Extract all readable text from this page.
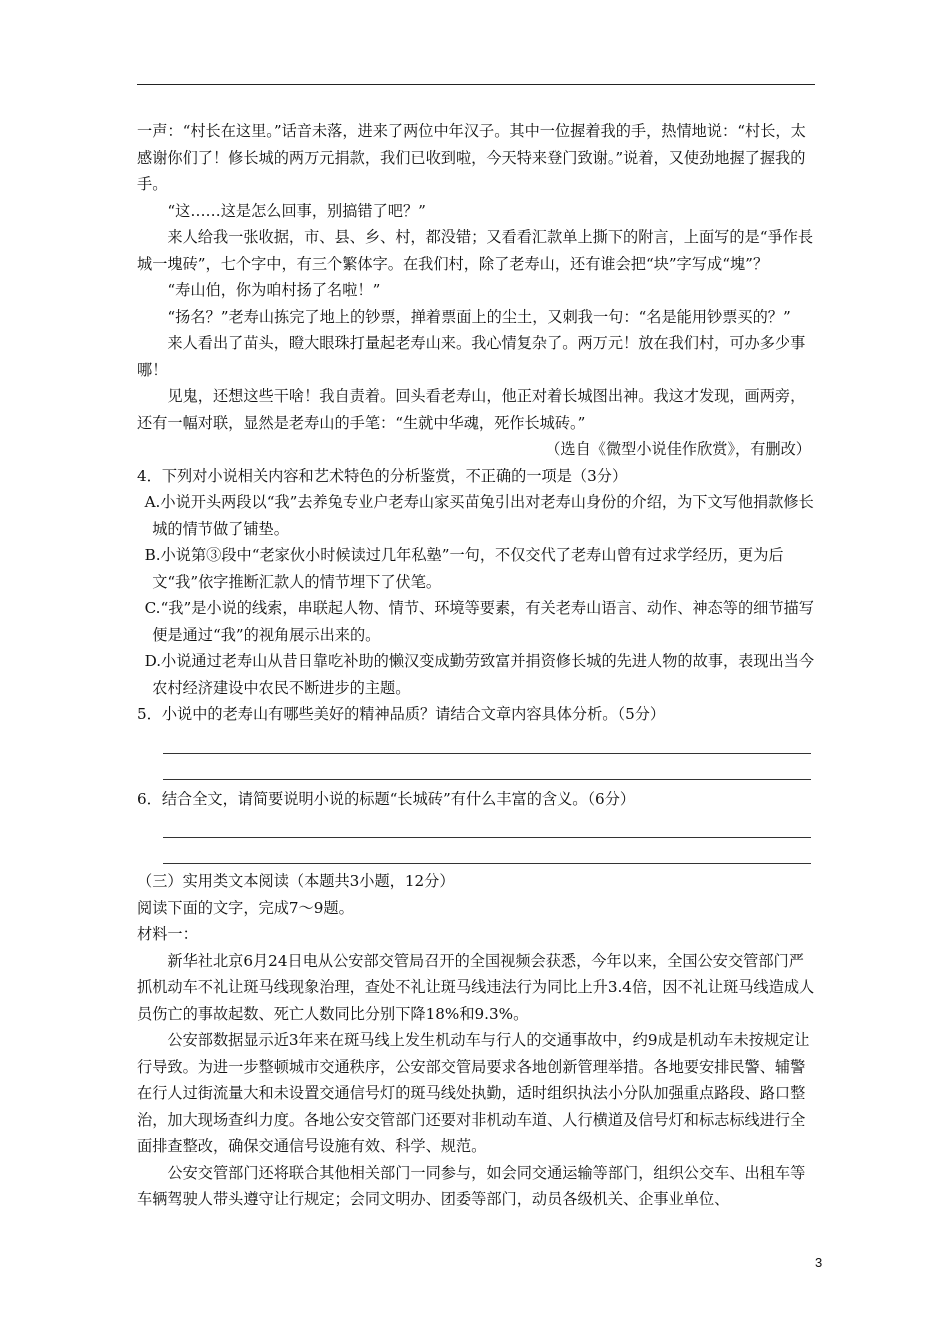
一声：“村长在这里。”话音未落，进来了两位中年汉子。其中一位握着我的手，热情地说：“村长，太感谢你们了！修长城的两万元捐款，我们已收到啦，今天特来登门致谢。”说着，又使劲地握了握我的手。

“这……这是怎么回事，别搞错了吧？”

来人给我一张收据，市、县、乡、村，都没错；又看看汇款单上撕下的附言，上面写的是“爭作長城一塊砖”，七个字中，有三个繁体字。在我们村，除了老寿山，还有谁会把“块”字写成“塊”？

“寿山伯，你为咱村扬了名啦！”

“扬名？”老寿山拣完了地上的钞票，掸着票面上的尘土，又刺我一句：“名是能用钞票买的？”

来人看出了苗头，瞪大眼珠打量起老寿山来。我心情复杂了。两万元！放在我们村，可办多少事哪！

见鬼，还想这些干啥！我自责着。回头看老寿山，他正对着长城图出神。我这才发现，画两旁，还有一幅对联，显然是老寿山的手笔：“生就中华魂，死作长城砖。”

（选自《微型小说佳作欣赏》，有删改）

4．下列对小说相关内容和艺术特色的分析鉴赏，不正确的一项是（3分）

A.小说开头两段以“我”去养兔专业户老寿山家买苗兔引出对老寿山身份的介绍，为下文写他捐款修长城的情节做了铺垫。

B.小说第③段中“老家伙小时候读过几年私塾”一句，不仅交代了老寿山曾有过求学经历，更为后文“我”依字推断汇款人的情节埋下了伏笔。

C.“我”是小说的线索，串联起人物、情节、环境等要素，有关老寿山语言、动作、神态等的细节描写便是通过“我”的视角展示出来的。

D.小说通过老寿山从昔日靠吃补助的懒汉变成勤劳致富并捐资修长城的先进人物的故事，表现出当今农村经济建设中农民不断进步的主题。

5．小说中的老寿山有哪些美好的精神品质？请结合文章内容具体分析。（5分）

6．结合全文，请简要说明小说的标题“长城砖”有什么丰富的含义。（6分）

（三）实用类文本阅读（本题共3小题，12分）

阅读下面的文字，完成7～9题。

材料一：

新华社北京6月24日电从公安部交管局召开的全国视频会获悉，今年以来，全国公安交管部门严抓机动车不礼让斑马线现象治理，查处不礼让斑马线违法行为同比上升3.4倍，因不礼让斑马线造成人员伤亡的事故起数、死亡人数同比分别下降18%和9.3%。

公安部数据显示近3年来在斑马线上发生机动车与行人的交通事故中，约9成是机动车未按规定让行导致。为进一步整顿城市交通秩序，公安部交管局要求各地创新管理举措。各地要安排民警、辅警在行人过街流量大和未设置交通信号灯的斑马线处执勤，适时组织执法小分队加强重点路段、路口整治，加大现场查纠力度。各地公安交管部门还要对非机动车道、人行横道及信号灯和标志标线进行全面排查整改，确保交通信号设施有效、科学、规范。

公安交管部门还将联合其他相关部门一同参与，如会同交通运输等部门，组织公交车、出租车等车辆驾驶人带头遵守让行规定；会同文明办、团委等部门，动员各级机关、企事业单位、

3
